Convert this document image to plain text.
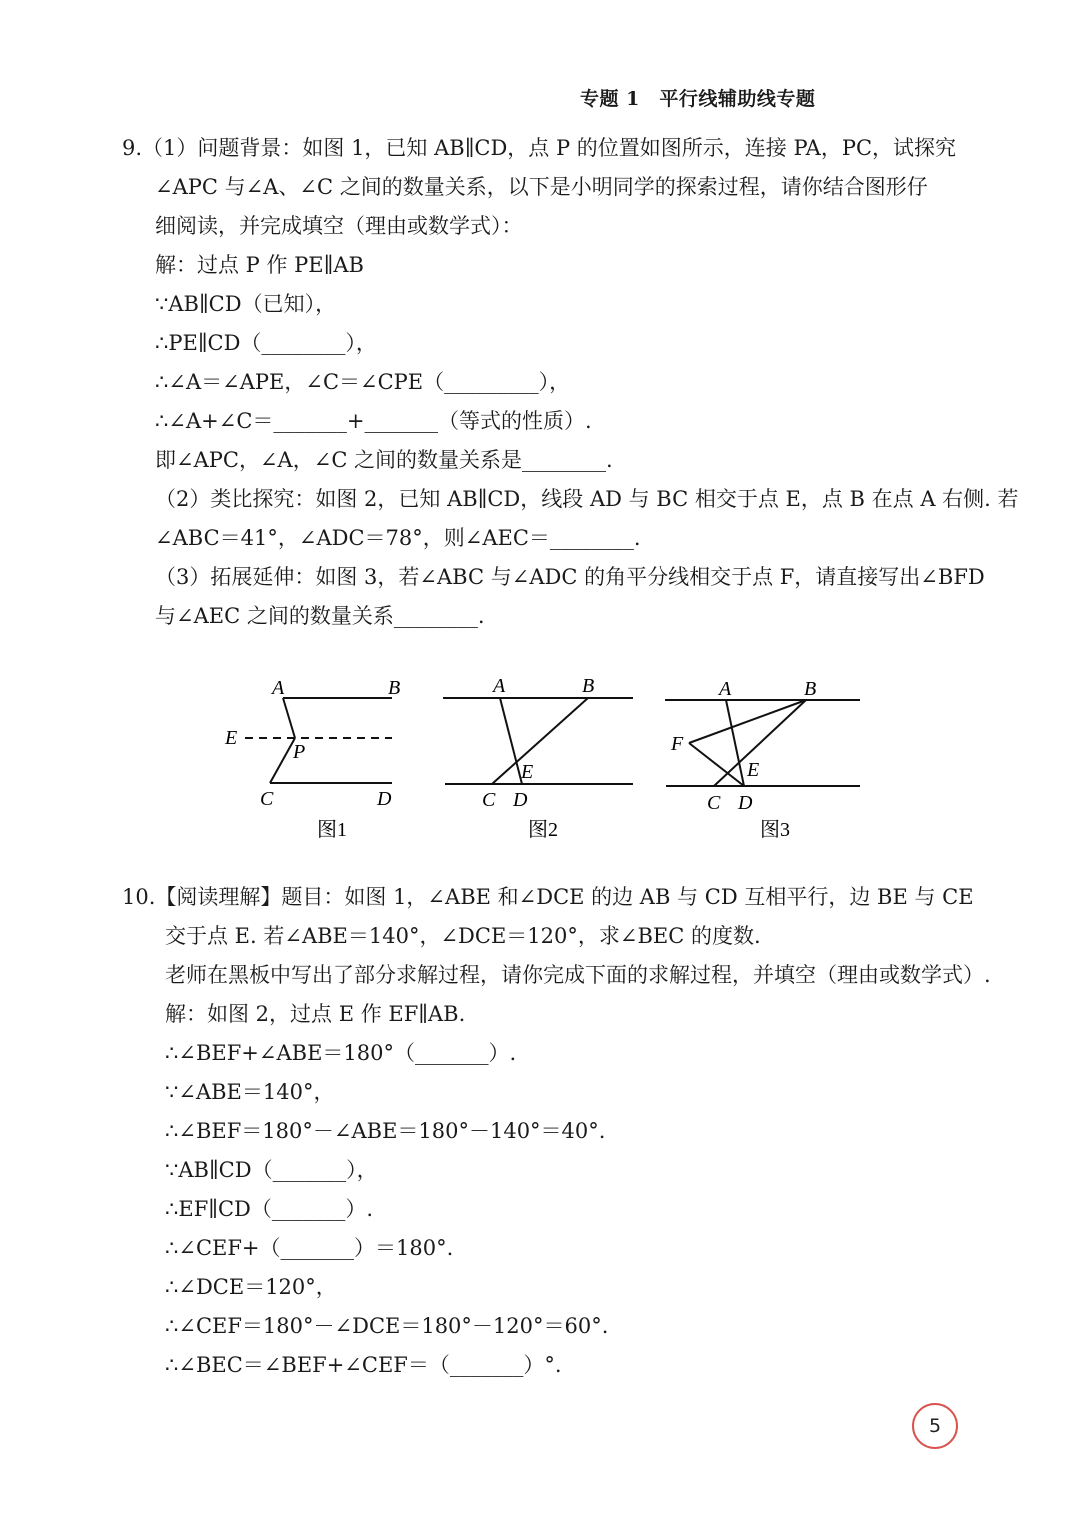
专题 1　平行线辅助线专题
9.（1）问题背景：如图 1，已知 AB∥CD，点 P 的位置如图所示，连接 PA，PC，试探究
∠APC 与∠A、∠C 之间的数量关系，以下是小明同学的探索过程，请你结合图形仔
细阅读，并完成填空（理由或数学式）：
解：过点 P 作 PE∥AB
∵AB∥CD（已知），
∴PE∥CD（________），
∴∠A＝∠APE，∠C＝∠CPE（_________），
∴∠A+∠C＝_______+_______（等式的性质）.
即∠APC，∠A，∠C 之间的数量关系是________.
（2）类比探究：如图 2，已知 AB∥CD，线段 AD 与 BC 相交于点 E，点 B 在点 A 右侧. 若
∠ABC＝41°，∠ADC＝78°，则∠AEC＝________.
（3）拓展延伸：如图 3，若∠ABC 与∠ADC 的角平分线相交于点 F，请直接写出∠BFD
与∠AEC 之间的数量关系________.
A	B
E
P
C	D
图1
A	B
E
C D
图2
A	B
F
E
C D
图3
10.【阅读理解】题目：如图 1，∠ABE 和∠DCE 的边 AB 与 CD 互相平行，边 BE 与 CE
交于点 E. 若∠ABE＝140°，∠DCE＝120°，求∠BEC 的度数.
老师在黑板中写出了部分求解过程，请你完成下面的求解过程，并填空（理由或数学式）.
解：如图 2，过点 E 作 EF∥AB.
∴∠BEF+∠ABE＝180°（_______）.
∵∠ABE＝140°，
∴∠BEF＝180°－∠ABE＝180°－140°＝40°.
∵AB∥CD（_______），
∴EF∥CD（_______）.
∴∠CEF+（_______）＝180°.
∴∠DCE＝120°，
∴∠CEF＝180°－∠DCE＝180°－120°＝60°.
∴∠BEC＝∠BEF+∠CEF＝（_______）°.
5
